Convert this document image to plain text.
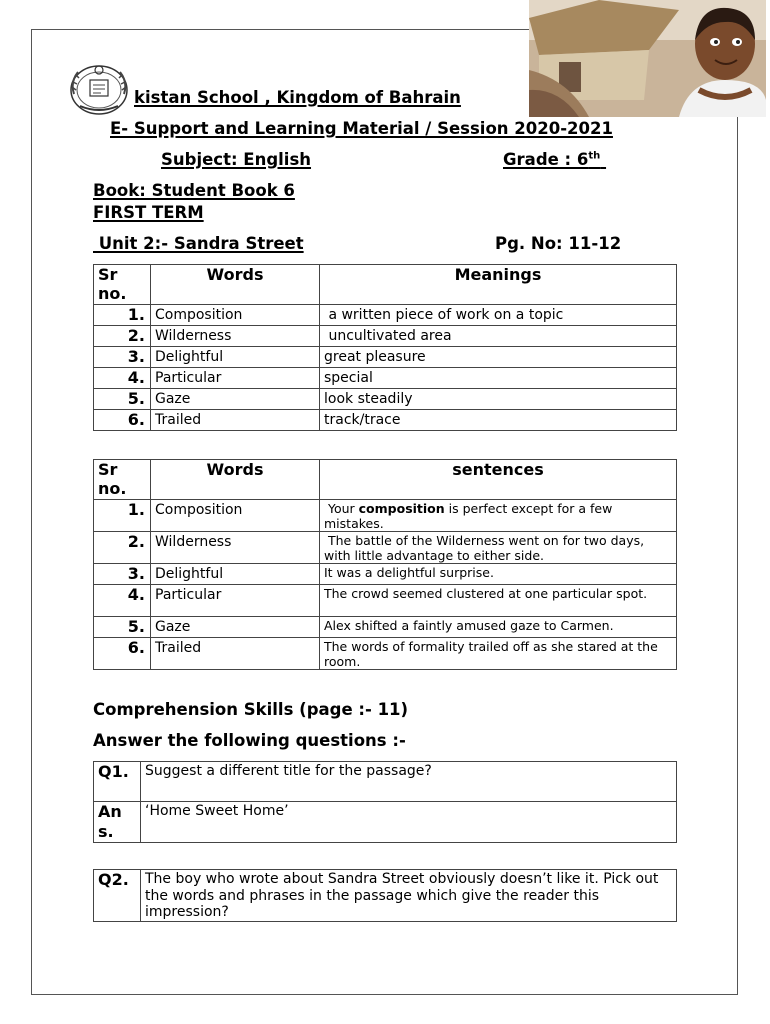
kistan School , Kingdom of Bahrain
E- Support and Learning Material / Session 2020-2021
Subject: English	Grade : 6th
Book: Student Book 6
FIRST TERM
Unit 2:- Sandra Street	Pg. No: 11-12
Sr no.	Words	Meanings
1.	Composition	a written piece of work on a topic
2.	Wilderness	uncultivated area
3.	Delightful	great pleasure
4.	Particular	special
5.	Gaze	look steadily
6.	Trailed	track/trace
Sr no.	Words	sentences
1.	Composition	Your composition is perfect except for a few mistakes.
2.	Wilderness	The battle of the Wilderness went on for two days, with little advantage to either side.
3.	Delightful	It was a delightful surprise.
4.	Particular	The crowd seemed clustered at one particular spot.
5.	Gaze	Alex shifted a faintly amused gaze to Carmen.
6.	Trailed	The words of formality trailed off as she stared at the room.
Comprehension Skills (page :- 11)
Answer the following questions :-
Q1.	Suggest a different title for the passage?
Ans.	‘Home Sweet Home’
Q2.	The boy who wrote about Sandra Street obviously doesn’t like it. Pick out the words and phrases in the passage which give the reader this impression?
